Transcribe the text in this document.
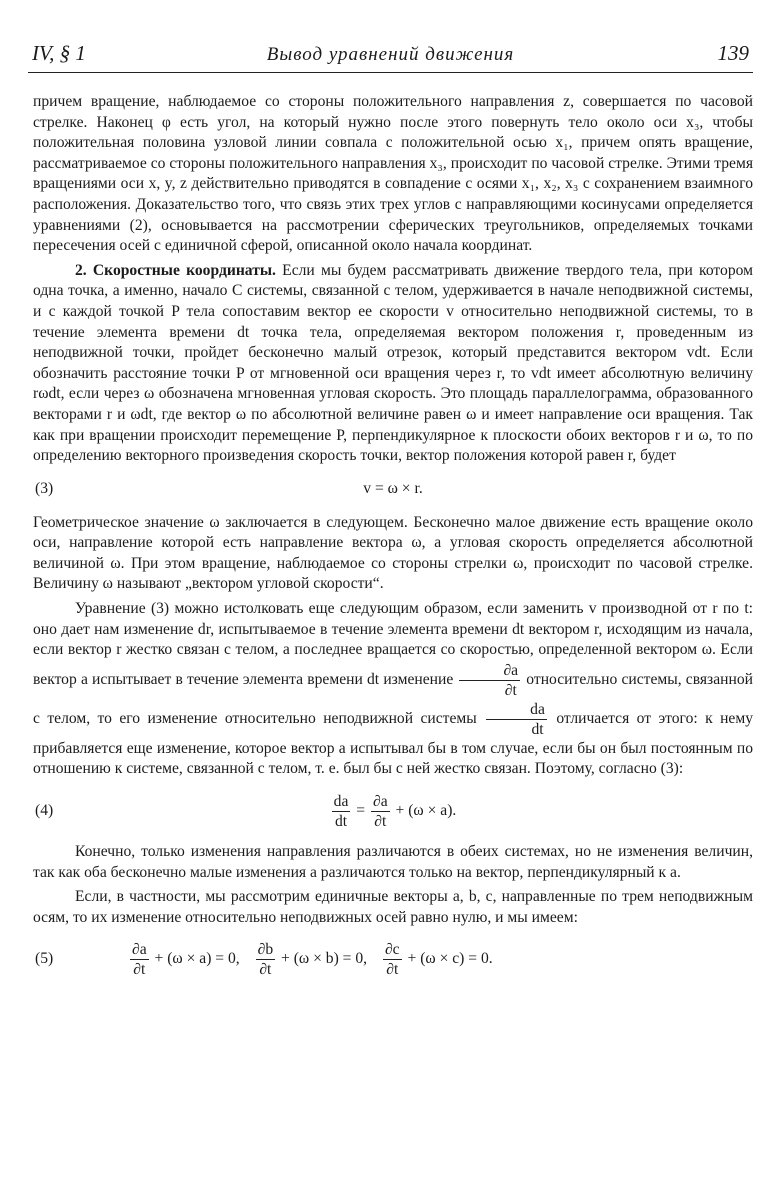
IV, § 1	Вывод уравнений движения	139

причем вращение, наблюдаемое со стороны положительного направления z, совершается по часовой стрелке. Наконец φ есть угол, на который нужно после этого повернуть тело около оси x₃, чтобы положительная половина узловой линии совпала с положительной осью x₁, причем опять вращение, рассматриваемое со стороны положительного направления x₃, происходит по часовой стрелке. Этими тремя вращениями оси x, y, z действительно приводятся в совпадение с осями x₁, x₂, x₃ с сохранением взаимного расположения. Доказательство того, что связь этих трех углов с направляющими косинусами определяется уравнениями (2), основывается на рассмотрении сферических треугольников, определяемых точками пересечения осей с единичной сферой, описанной около начала координат.

2. Скоростные координаты. Если мы будем рассматривать движение твердого тела, при котором одна точка, а именно, начало C системы, связанной с телом, удерживается в начале неподвижной системы, и с каждой точкой P тела сопоставим вектор ее скорости v относительно неподвижной системы, то в течение элемента времени dt точка тела, определяемая вектором положения r, проведенным из неподвижной точки, пройдет бесконечно малый отрезок, который представится вектором vdt. Если обозначить расстояние точки P от мгновенной оси вращения через r, то vdt имеет абсолютную величину rωdt, если через ω обозначена мгновенная угловая скорость. Это площадь параллелограмма, образованного векторами r и ωdt, где вектор ω по абсолютной величине равен ω и имеет направление оси вращения. Так как при вращении происходит перемещение P, перпендикулярное к плоскости обоих векторов r и ω, то по определению векторного произведения скорость точки, вектор положения которой равен r, будет

(3)	v = ω × r.

Геометрическое значение ω заключается в следующем. Бесконечно малое движение есть вращение около оси, направление которой есть направление вектора ω, а угловая скорость определяется абсолютной величиной ω. При этом вращение, наблюдаемое со стороны стрелки ω, происходит по часовой стрелке. Величину ω называют „вектором угловой скорости“.

Уравнение (3) можно истолковать еще следующим образом, если заменить v производной от r по t: оно дает нам изменение dr, испытываемое в течение элемента времени dt вектором r, исходящим из начала, если вектор r жестко связан с телом, а последнее вращается со скоростью, определенной вектором ω. Если вектор a испытывает в течение элемента времени dt изменение $\frac{\partial a}{\partial t}$ относительно системы, связанной с телом, то его изменение относительно неподвижной системы $\frac{da}{dt}$ отличается от этого: к нему прибавляется еще изменение, которое вектор a испытывал бы в том случае, если бы он был постоянным по отношению к системе, связанной с телом, т. е. был бы с ней жестко связан. Поэтому, согласно (3):

(4)	$\frac{da}{dt} = \frac{\partial a}{\partial t} + (\omega \times a)$.

Конечно, только изменения направления различаются в обеих системах, но не изменения величин, так как оба бесконечно малые изменения a различаются только на вектор, перпендикулярный к a.

Если, в частности, мы рассмотрим единичные векторы a, b, c, направленные по трем неподвижным осям, то их изменение относительно неподвижных осей равно нулю, и мы имеем:

(5)	$\frac{\partial a}{\partial t} + (\omega \times a) = 0$, $\frac{\partial b}{\partial t} + (\omega \times b) = 0$, $\frac{\partial c}{\partial t} + (\omega \times c) = 0$.
